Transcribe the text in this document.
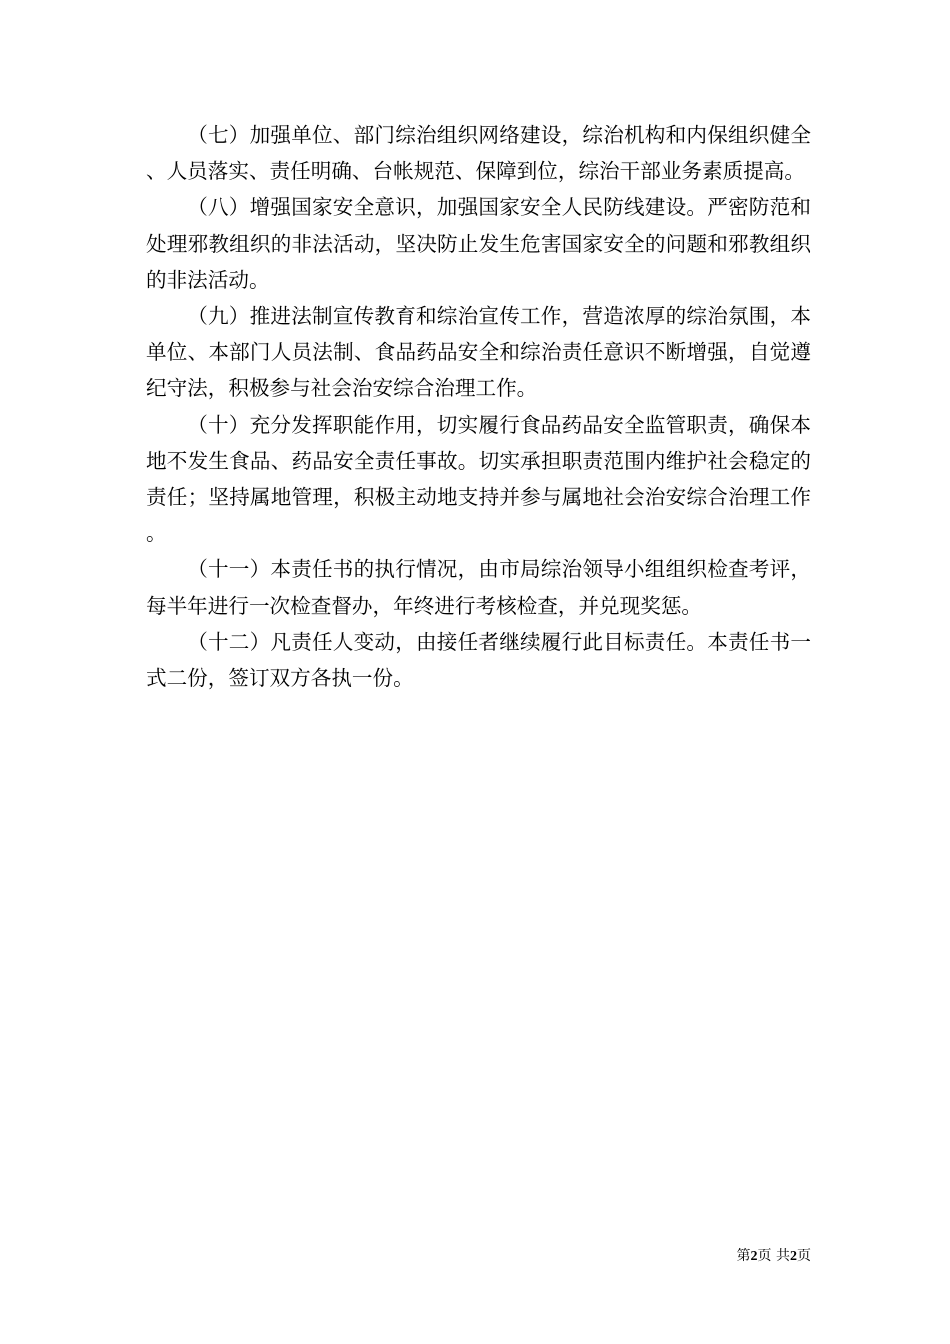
（七）加强单位、部门综治组织网络建设，综治机构和内保组织健全、人员落实、责任明确、台帐规范、保障到位，综治干部业务素质提高。

（八）增强国家安全意识，加强国家安全人民防线建设。严密防范和处理邪教组织的非法活动，坚决防止发生危害国家安全的问题和邪教组织的非法活动。

（九）推进法制宣传教育和综治宣传工作，营造浓厚的综治氛围，本单位、本部门人员法制、食品药品安全和综治责任意识不断增强，自觉遵纪守法，积极参与社会治安综合治理工作。

（十）充分发挥职能作用，切实履行食品药品安全监管职责，确保本地不发生食品、药品安全责任事故。切实承担职责范围内维护社会稳定的责任；坚持属地管理，积极主动地支持并参与属地社会治安综合治理工作。

（十一）本责任书的执行情况，由市局综治领导小组组织检查考评，每半年进行一次检查督办，年终进行考核检查，并兑现奖惩。

（十二）凡责任人变动，由接任者继续履行此目标责任。本责任书一式二份，签订双方各执一份。

第2页 共2页
